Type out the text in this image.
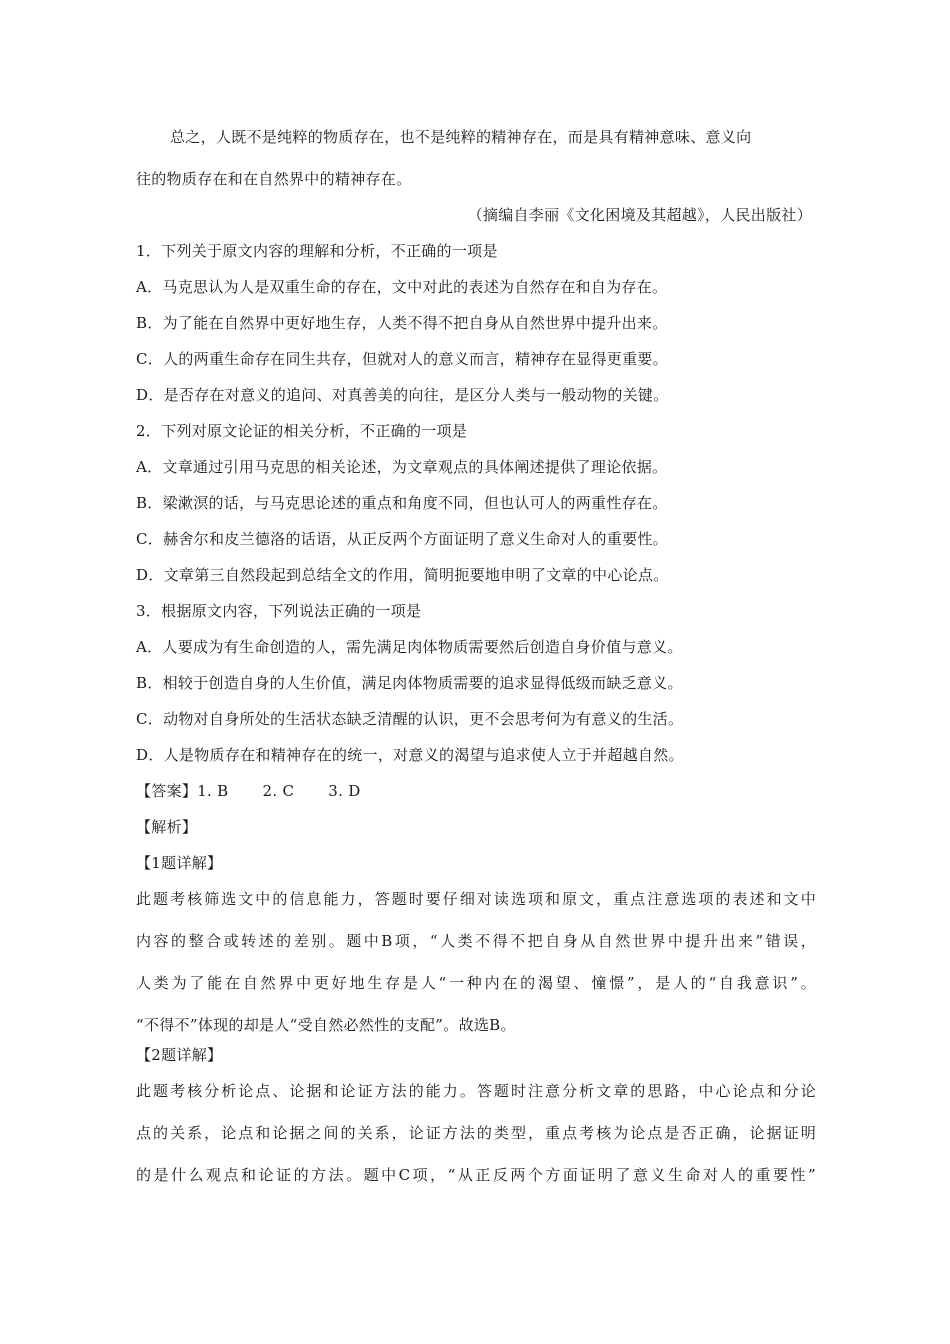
总之，人既不是纯粹的物质存在，也不是纯粹的精神存在，而是具有精神意味、意义向
往的物质存在和在自然界中的精神存在。
（摘编自李丽《文化困境及其超越》，人民出版社）
1．下列关于原文内容的理解和分析，不正确的一项是
A．马克思认为人是双重生命的存在，文中对此的表述为自然存在和自为存在。
B．为了能在自然界中更好地生存，人类不得不把自身从自然世界中提升出来。
C．人的两重生命存在同生共存，但就对人的意义而言，精神存在显得更重要。
D．是否存在对意义的追问、对真善美的向往，是区分人类与一般动物的关键。
2．下列对原文论证的相关分析，不正确的一项是
A．文章通过引用马克思的相关论述，为文章观点的具体阐述提供了理论依据。
B．梁漱溟的话，与马克思论述的重点和角度不同，但也认可人的两重性存在。
C．赫舍尔和皮兰德洛的话语，从正反两个方面证明了意义生命对人的重要性。
D．文章第三自然段起到总结全文的作用，简明扼要地申明了文章的中心论点。
3．根据原文内容，下列说法正确的一项是
A．人要成为有生命创造的人，需先满足肉体物质需要然后创造自身价值与意义。
B．相较于创造自身的人生价值，满足肉体物质需要的追求显得低级而缺乏意义。
C．动物对自身所处的生活状态缺乏清醒的认识，更不会思考何为有意义的生活。
D．人是物质存在和精神存在的统一，对意义的渴望与追求使人立于并超越自然。
【答案】1. B 2. C 3. D
【解析】
【1题详解】
此题考核筛选文中的信息能力，答题时要仔细对读选项和原文，重点注意选项的表述和文中
内容的整合或转述的差别。题中B项，“人类不得不把自身从自然世界中提升出来”错误，
人类为了能在自然界中更好地生存是人“一种内在的渴望、憧憬”，是人的“自我意识”。
“不得不”体现的却是人“受自然必然性的支配”。故选B。
【2题详解】
此题考核分析论点、论据和论证方法的能力。答题时注意分析文章的思路，中心论点和分论
点的关系，论点和论据之间的关系，论证方法的类型，重点考核为论点是否正确，论据证明
的是什么观点和论证的方法。题中C项，“从正反两个方面证明了意义生命对人的重要性”
